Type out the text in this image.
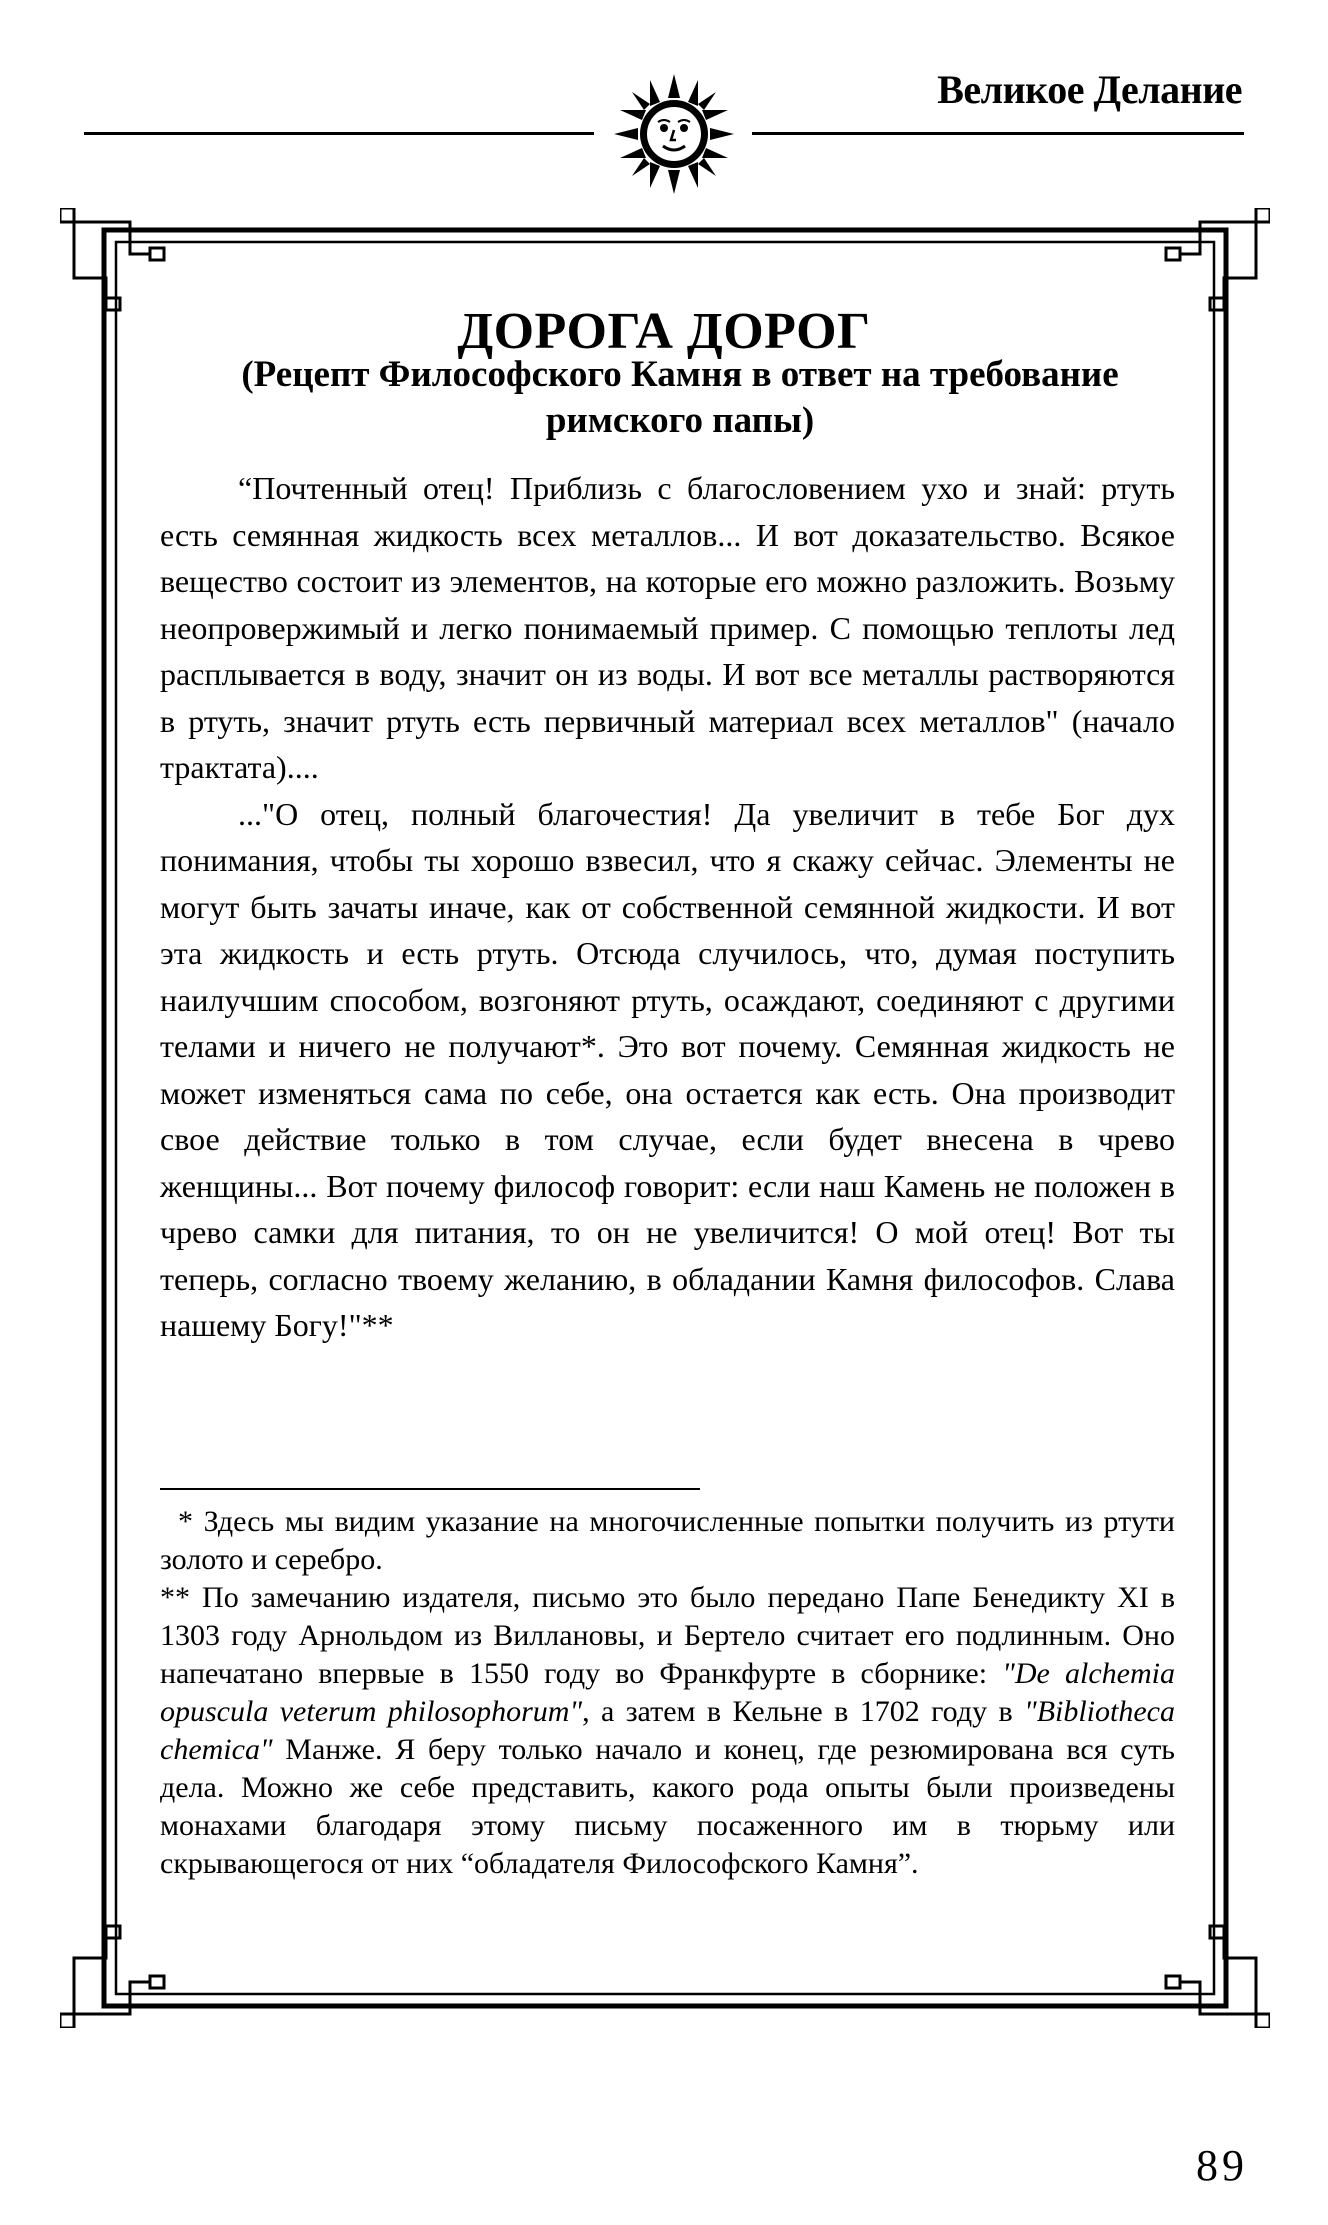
Великое Делание
ДОРОГА ДОРОГ
(Рецепт Философского Камня в ответ на требование римского папы)

“Почтенный отец! Приблизь с благословением ухо и знай: ртуть есть семянная жидкость всех металлов... И вот доказательство. Всякое вещество состоит из элементов, на которые его можно разложить. Возьму неопровержимый и легко понимаемый пример. С помощью теплоты лед расплывается в воду, значит он из воды. И вот все металлы растворяются в ртуть, значит ртуть есть первичный материал всех металлов" (начало трактата)....

..."О отец, полный благочестия! Да увеличит в тебе Бог дух понимания, чтобы ты хорошо взвесил, что я скажу сейчас. Элементы не могут быть зачаты иначе, как от собственной семянной жидкости. И вот эта жидкость и есть ртуть. Отсюда случилось, что, думая поступить наилучшим способом, возгоняют ртуть, осаждают, соединяют с другими телами и ничего не получают*. Это вот почему. Семянная жидкость не может изменяться сама по себе, она остается как есть. Она производит свое действие только в том случае, если будет внесена в чрево женщины... Вот почему философ говорит: если наш Камень не положен в чрево самки для питания, то он не увеличится! О мой отец! Вот ты теперь, согласно твоему желанию, в обладании Камня философов. Слава нашему Богу!"**

* Здесь мы видим указание на многочисленные попытки получить из ртути золото и серебро.

** По замечанию издателя, письмо это было передано Папе Бенедикту XI в 1303 году Арнольдом из Виллановы, и Бертело считает его подлинным. Оно напечатано впервые в 1550 году во Франкфурте в сборнике: "De alchemia opuscula veterum philosophorum", а затем в Кельне в 1702 году в "Bibliotheca chemica" Манже. Я беру только начало и конец, где резюмирована вся суть дела. Можно же себе представить, какого рода опыты были произведены монахами благодаря этому письму посаженного им в тюрьму или скрывающегося от них “обладателя Философского Камня”.

89
